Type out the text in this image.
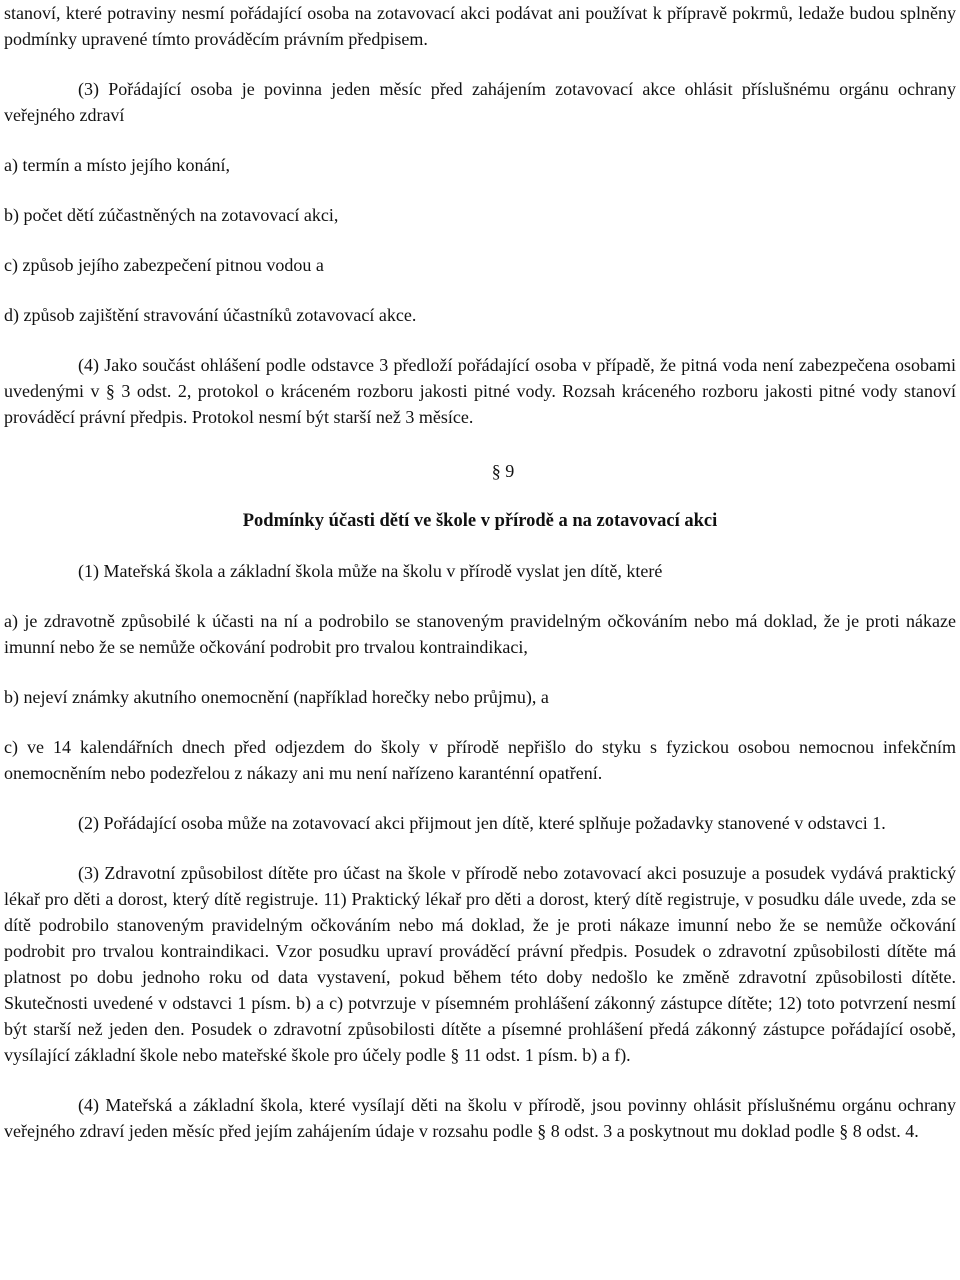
stanoví, které potraviny nesmí pořádající osoba na zotavovací akci podávat ani používat k přípravě pokrmů, ledaže budou splněny podmínky upravené tímto prováděcím právním předpisem.

(3) Pořádající osoba je povinna jeden měsíc před zahájením zotavovací akce ohlásit příslušnému orgánu ochrany veřejného zdraví

a) termín a místo jejího konání,

b) počet dětí zúčastněných na zotavovací akci,

c) způsob jejího zabezpečení pitnou vodou a

d) způsob zajištění stravování účastníků zotavovací akce.

(4) Jako součást ohlášení podle odstavce 3 předloží pořádající osoba v případě, že pitná voda není zabezpečena osobami uvedenými v § 3 odst. 2, protokol o kráceném rozboru jakosti pitné vody. Rozsah kráceného rozboru jakosti pitné vody stanoví prováděcí právní předpis. Protokol nesmí být starší než 3 měsíce.

§ 9

Podmínky účasti dětí ve škole v přírodě a na zotavovací akci

(1) Mateřská škola a základní škola může na školu v přírodě vyslat jen dítě, které

a) je zdravotně způsobilé k účasti na ní a podrobilo se stanoveným pravidelným očkováním nebo má doklad, že je proti nákaze imunní nebo že se nemůže očkování podrobit pro trvalou kontraindikaci,

b) nejeví známky akutního onemocnění (například horečky nebo průjmu), a

c) ve 14 kalendářních dnech před odjezdem do školy v přírodě nepřišlo do styku s fyzickou osobou nemocnou infekčním onemocněním nebo podezřelou z nákazy ani mu není nařízeno karanténní opatření.

(2) Pořádající osoba může na zotavovací akci přijmout jen dítě, které splňuje požadavky stanovené v odstavci 1.

(3) Zdravotní způsobilost dítěte pro účast na škole v přírodě nebo zotavovací akci posuzuje a posudek vydává praktický lékař pro děti a dorost, který dítě registruje. 11) Praktický lékař pro děti a dorost, který dítě registruje, v posudku dále uvede, zda se dítě podrobilo stanoveným pravidelným očkováním nebo má doklad, že je proti nákaze imunní nebo že se nemůže očkování podrobit pro trvalou kontraindikaci. Vzor posudku upraví prováděcí právní předpis. Posudek o zdravotní způsobilosti dítěte má platnost po dobu jednoho roku od data vystavení, pokud během této doby nedošlo ke změně zdravotní způsobilosti dítěte. Skutečnosti uvedené v odstavci 1 písm. b) a c) potvrzuje v písemném prohlášení zákonný zástupce dítěte; 12) toto potvrzení nesmí být starší než jeden den. Posudek o zdravotní způsobilosti dítěte a písemné prohlášení předá zákonný zástupce pořádající osobě, vysílající základní škole nebo mateřské škole pro účely podle § 11 odst. 1 písm. b) a f).

(4) Mateřská a základní škola, které vysílají děti na školu v přírodě, jsou povinny ohlásit příslušnému orgánu ochrany veřejného zdraví jeden měsíc před jejím zahájením údaje v rozsahu podle § 8 odst. 3 a poskytnout mu doklad podle § 8 odst. 4.
